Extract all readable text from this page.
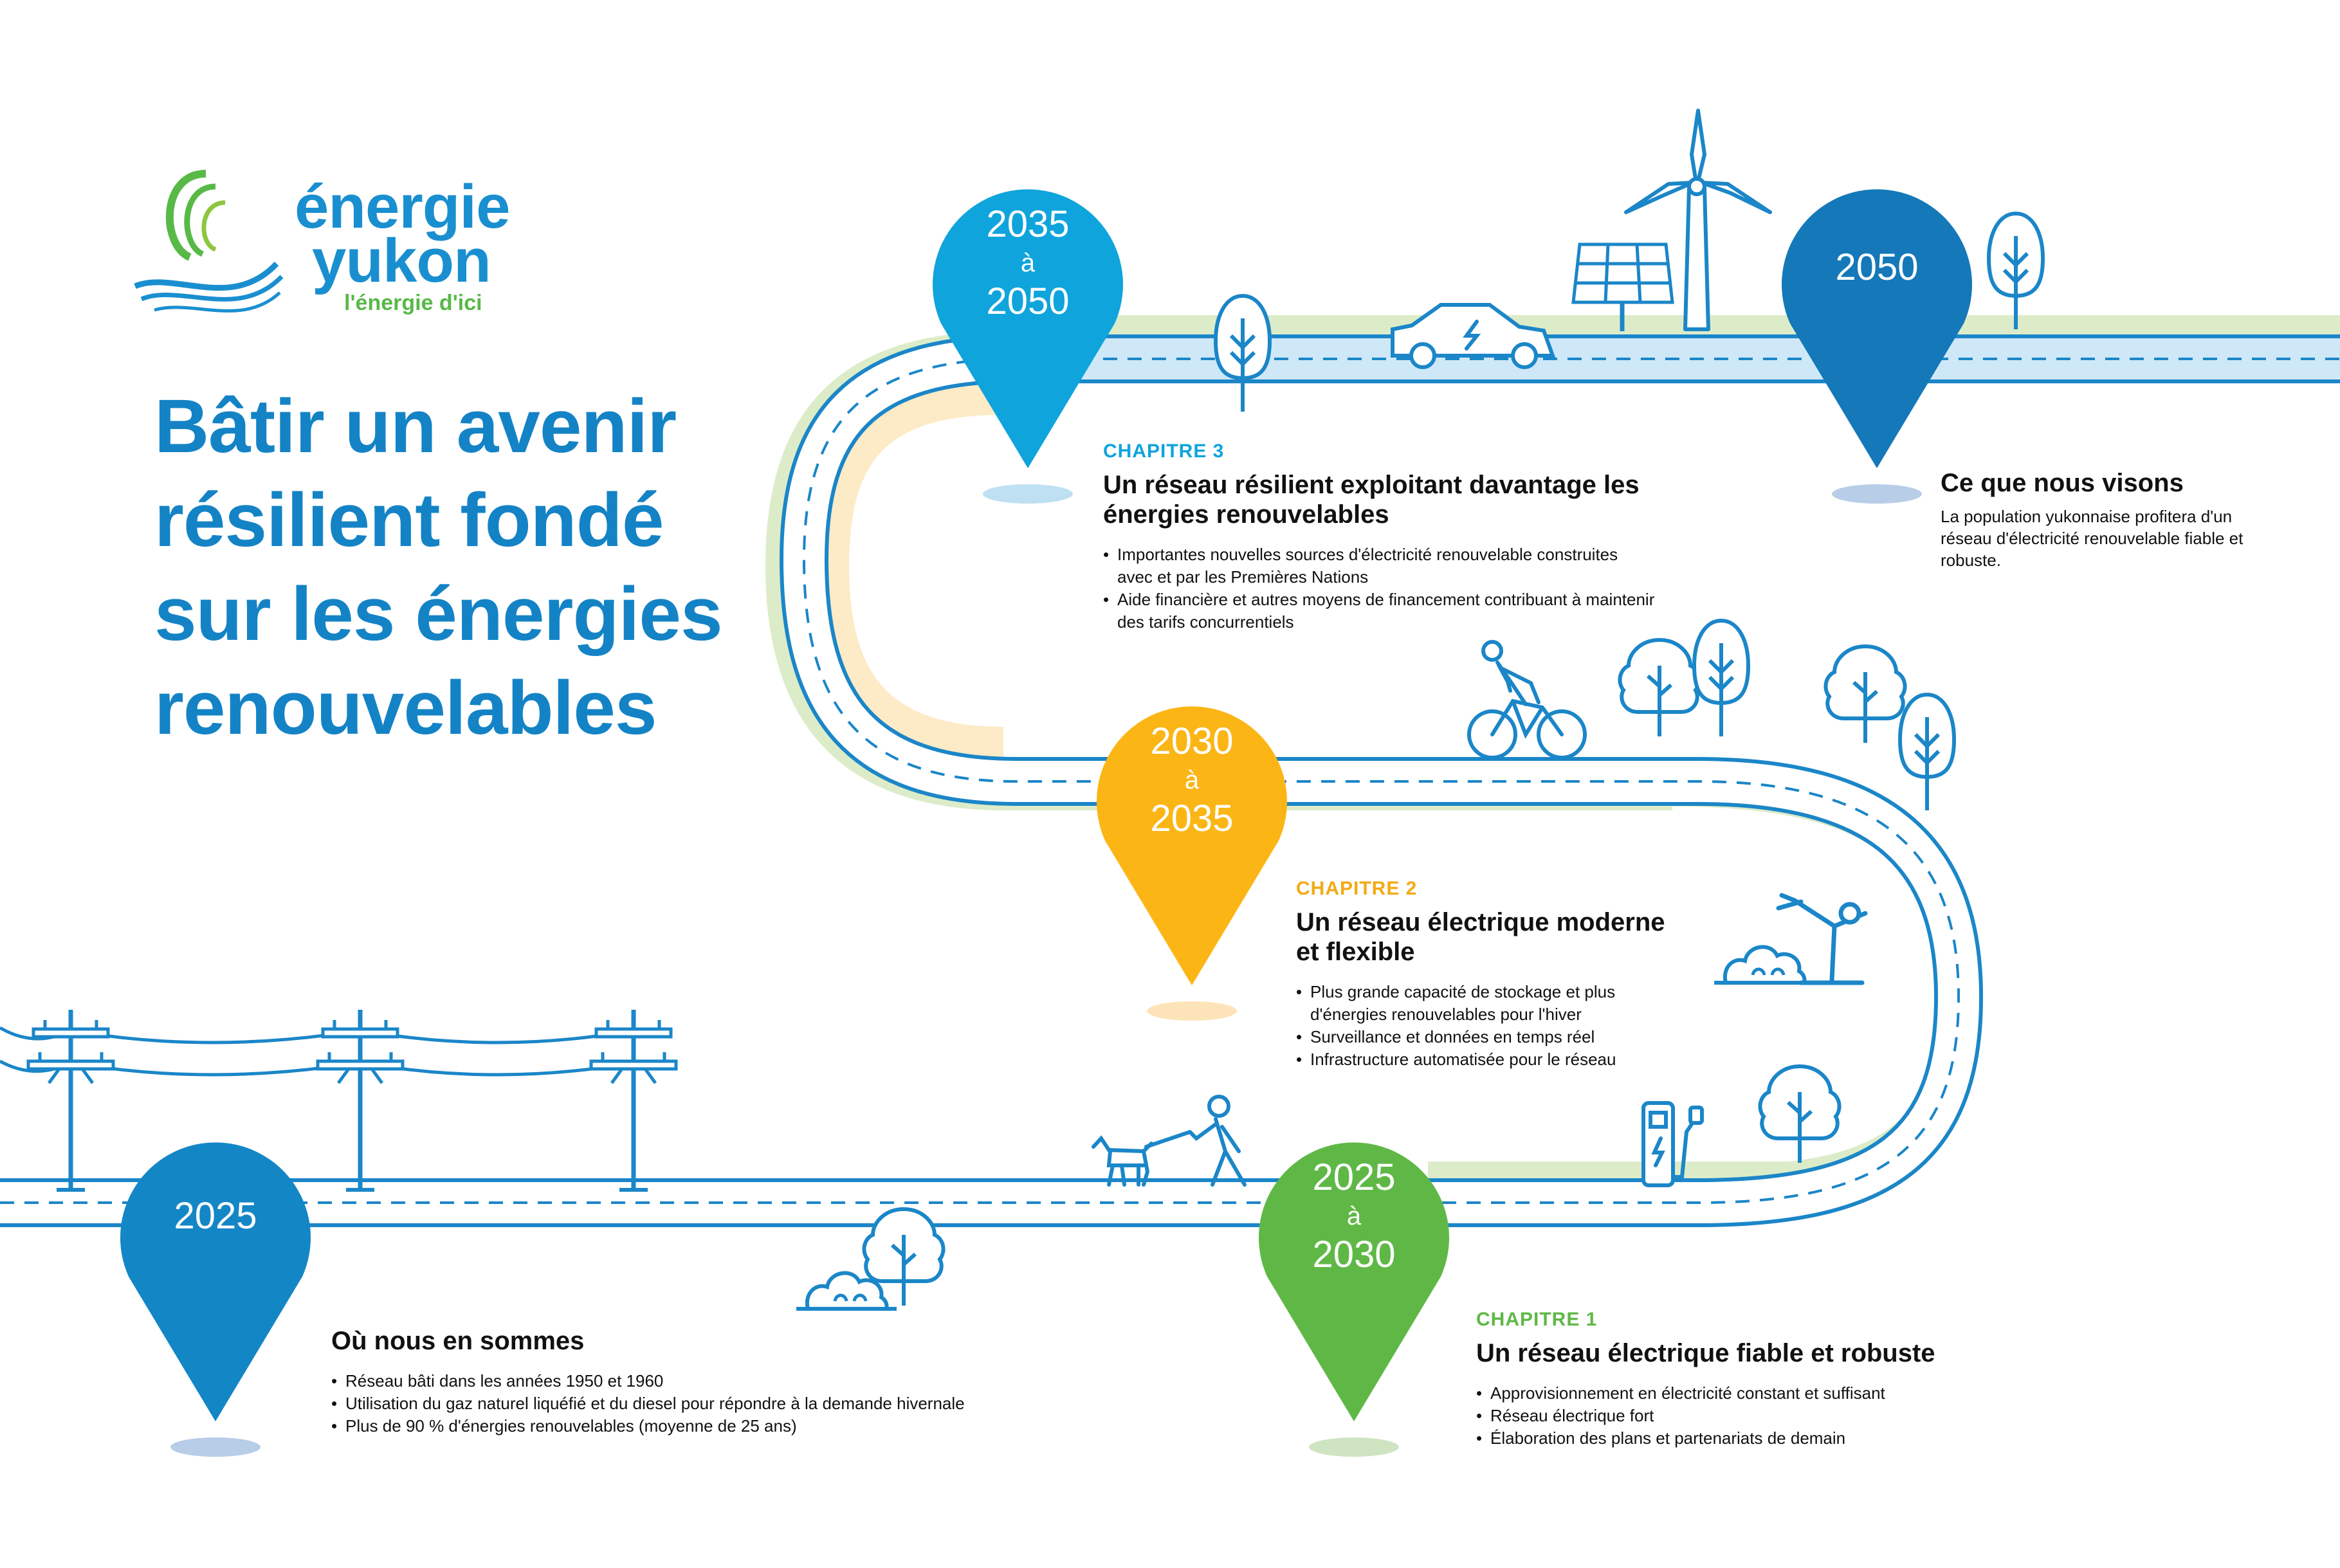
énergie
yukon
l'énergie d'ici
Bâtir un avenir résilient fondé sur les énergies renouvelables
2025
2025
à
2030
2030
à
2035
2035
à
2050
2050
Où nous en sommes
• Réseau bâti dans les années 1950 et 1960
• Utilisation du gaz naturel liquéfié et du diesel pour répondre à la demande hivernale
• Plus de 90 % d'énergies renouvelables (moyenne de 25 ans)
CHAPITRE 1
Un réseau électrique fiable et robuste
• Approvisionnement en électricité constant et suffisant
• Réseau électrique fort
• Élaboration des plans et partenariats de demain
CHAPITRE 2
Un réseau électrique moderne et flexible
• Plus grande capacité de stockage et plus d'énergies renouvelables pour l'hiver
• Surveillance et données en temps réel
• Infrastructure automatisée pour le réseau
CHAPITRE 3
Un réseau résilient exploitant davantage les énergies renouvelables
• Importantes nouvelles sources d'électricité renouvelable construites avec et par les Premières Nations
• Aide financière et autres moyens de financement contribuant à maintenir des tarifs concurrentiels
Ce que nous visons
La population yukonnaise profitera d'un réseau d'électricité renouvelable fiable et robuste.
